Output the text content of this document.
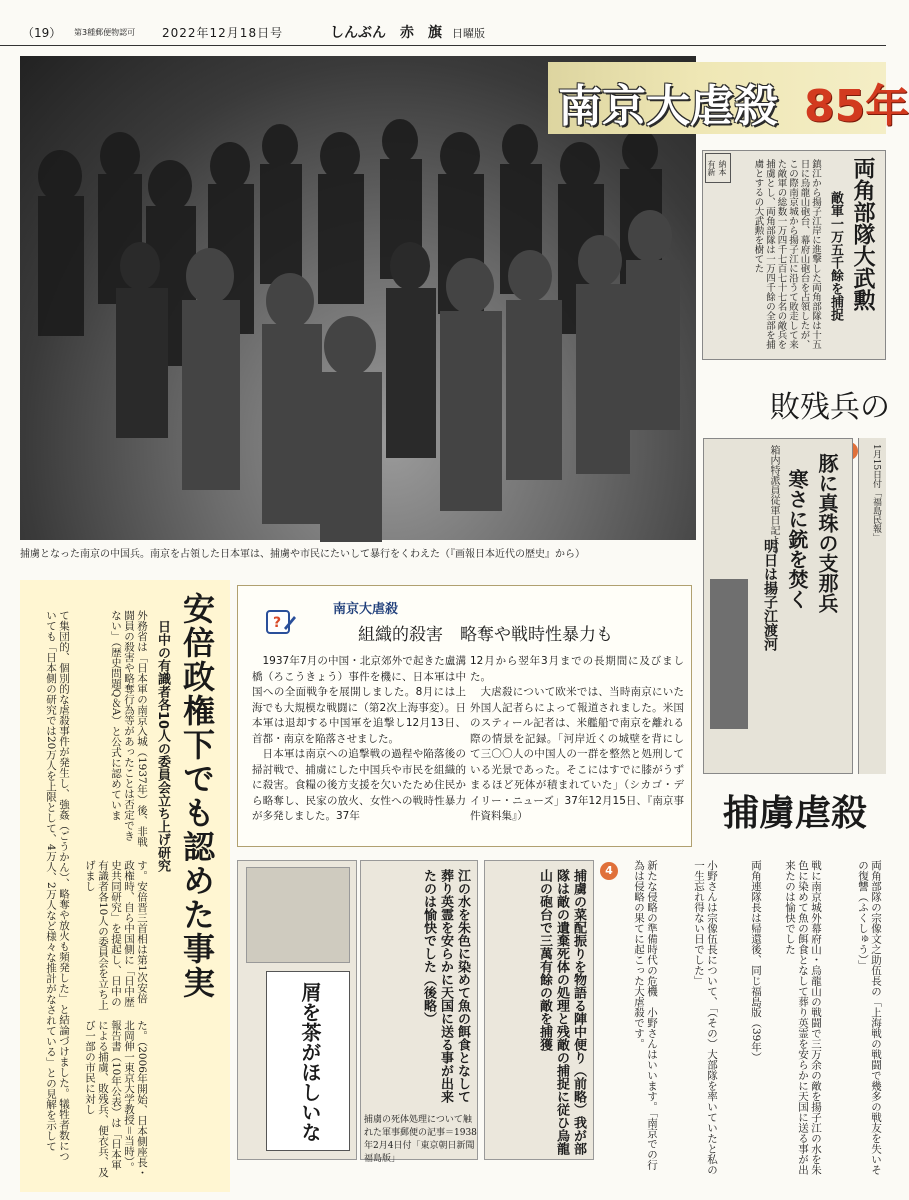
（19） 第3種郵便物認可 2022年12月18日号	しんぶん　赤　旗 日曜版
捕虜となった南京の中国兵。南京を占領した日本軍は、捕虜や市民にたいして暴行をくわえた（『画報日本近代の歴史』から）
南京大虐殺 85年
納本 有新	両角部隊大武勲
敵軍一万五千餘を捕捉
鎮江から揚子江岸に進撃した両角部隊は十五日に烏龍山砲台、幕府山砲台を占領したが、この際南京城から揚子江に沿うて敗走して来た敵軍の総数一万四千七百七十七名の敵兵を捕虜とし、両角部隊は一万四千餘の全部を捕虜とするの大武勲を樹てた
敗残兵の
豚に真珠の支那兵
寒さに銃を焚く
箱内特派員従軍日記より
明日は揚子江渡河
1月15日付「福島民報」
捕虜虐殺
安倍政権下でも認めた事実
日中の有識者各10人の委員会立ち上げ研究
外務省は「日本軍の南京入城（1937年）後、非戦闘員の殺害や略奪行為等があったことは否定できない」（歴史問題Q＆A）と公式に認めていま
す。安倍晋三首相は第1次安倍政権時、自ら中国側に「日中歴史共同研究」を提起し、日中の有識者各10人の委員会を立ち上げまし
た。（2006年開始、日本側座長・北岡伸一東京大学教授＝当時）。報告書（10年公表）は「日本軍による捕虜、敗残兵、便衣兵、及び一部の市民に対し
て集団的、個別的な虐殺事件が発生し、強姦（ごうかん）、略奪や放火も頻発した」と結論づけました。犠牲者数についても「日本側の研究では20万人を上限として、4万人、2万人など様々な推計がなされている」との見解を示して	?
南京大虐殺
組織的殺害　略奪や戦時性暴力も

1937年7月の中国・北京郊外で起きた盧溝橋（ろこうきょう）事件を機に、日本軍は中国への全面戦争を展開しました。8月には上海でも大規模な戦闘に（第2次上海事変）。日本軍は退却する中国軍を追撃し12月13日、首都・南京を陥落させました。

日本軍は南京への追撃戦の過程や陥落後の掃討戦で、捕虜にした中国兵や市民を組織的に殺害。食糧の後方支援を欠いたため住民から略奪し、民家の放火、女性への戦時性暴力が多発しました。37年

12月から翌年3月までの長期間に及びました。

大虐殺について欧米では、当時南京にいた外国人記者らによって報道されました。米国のスティール記者は、米艦船で南京を離れる際の情景を記録。「河岸近くの城壁を背にして三〇〇人の中国人の一群を整然と処刑している光景であった。そこにはすでに膝がうずまるほど死体が積まれていた」（シカゴ・デイリー・ニューズ」37年12月15日、『南京事件資料集』）

屑を茶がほしいな	江の水を朱色に染めて魚の餌食となして葬り英霊を安らかに天国に送る事が出来たのは愉快でした（後略）
捕虜の死体処理について触れた軍事郵便の記事＝1938年2月4日付「東京朝日新聞福島版」
4
捕虜の菜配振りを物語る陣中便り（前略）我が部隊は敵の遺棄死体の処理と残敵の捕捉に従ひ烏龍山の砲台で三萬有餘の敵を捕獲	両角部隊の宗像文之助伍長の「上海戦の戦闘で幾多の戦友を失いその復讐（ふくしゅう）」
戦に南京城外幕府山・烏龍山の戦闘で三万余の敵を揚子江の水を朱色に染めて魚の餌食となして葬り英霊を安らかに天国に送る事が出来たのは愉快でした
両角連隊長は帰還後、同じ福島版（39年）
小野さんは宗像伍長について、「（その）大部隊を率いていたと私の一生忘れ得ない日でした」
新たな侵略の準備時代の危機　小野さんはいいます。「南京での行為は侵略の果てに起こった大虐殺です。
